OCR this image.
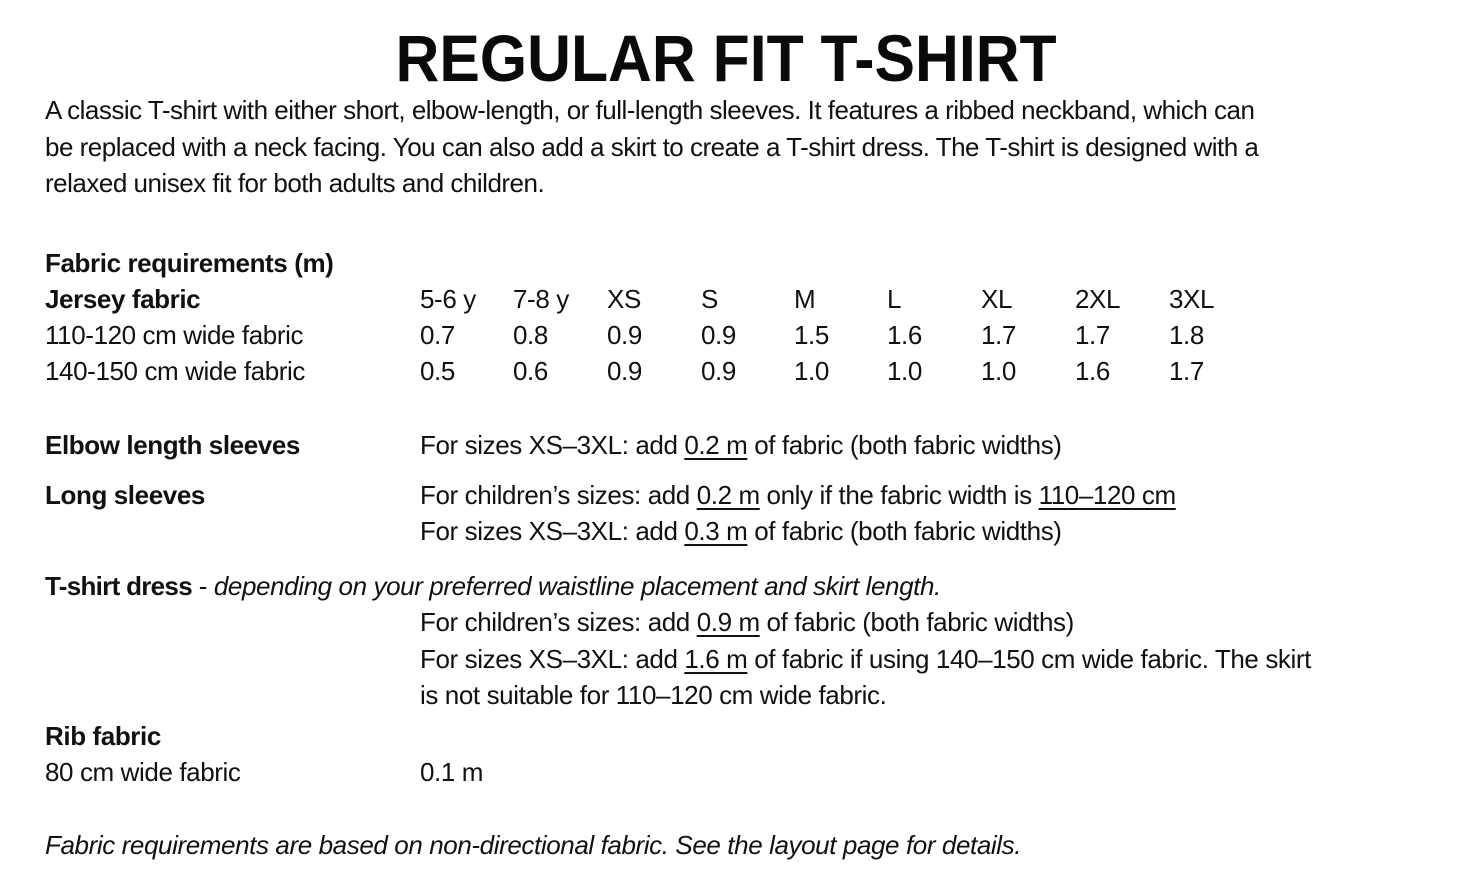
REGULAR FIT T-SHIRT
A classic T-shirt with either short, elbow-length, or full-length sleeves. It features a ribbed neckband, which can
be replaced with a neck facing. You can also add a skirt to create a T-shirt dress. The T-shirt is designed with a
relaxed unisex fit for both adults and children.
Fabric requirements (m)
Jersey fabric	5-6 y 7-8 y XS S	M	L	XL 2XL 3XL
110-120 cm wide fabric	0.7 0.8 0.9 0.9 1.5 1.6 1.7 1.7 1.8
140-150 cm wide fabric	0.5 0.6 0.9 0.9 1.0 1.0 1.0 1.6 1.7
Elbow length sleeves	For sizes XS–3XL: add 0.2 m of fabric (both fabric widths)
Long sleeves	For children’s sizes: add 0.2 m only if the fabric width is 110–120 cm
For sizes XS–3XL: add 0.3 m of fabric (both fabric widths)
T-shirt dress - depending on your preferred waistline placement and skirt length.
For children’s sizes: add 0.9 m of fabric (both fabric widths)
For sizes XS–3XL: add 1.6 m of fabric if using 140–150 cm wide fabric. The skirt
is not suitable for 110–120 cm wide fabric.
Rib fabric
80 cm wide fabric	0.1 m
Fabric requirements are based on non-directional fabric. See the layout page for details.
